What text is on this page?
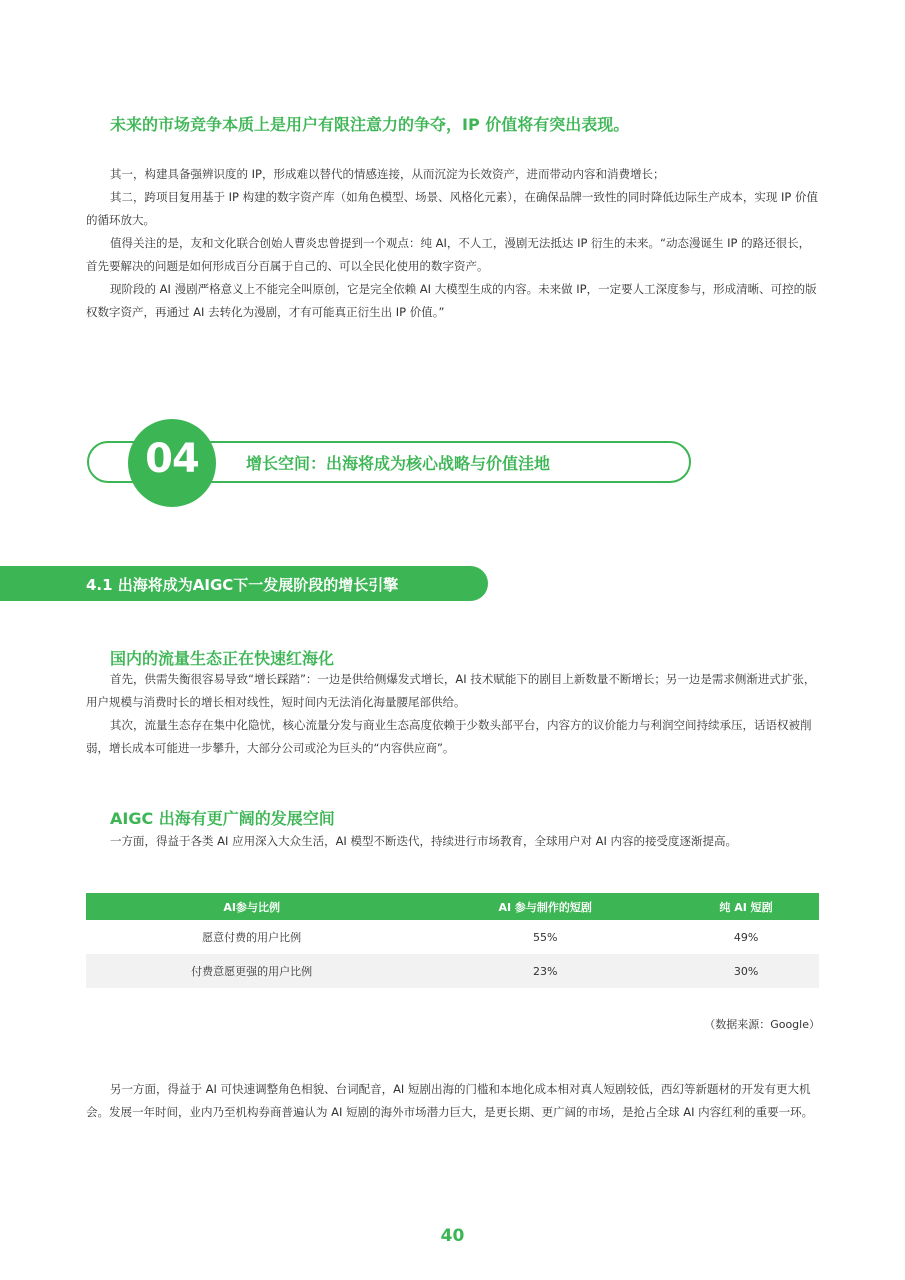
未来的市场竞争本质上是用户有限注意力的争夺，IP 价值将有突出表现。

其一，构建具备强辨识度的 IP，形成难以替代的情感连接，从而沉淀为长效资产，进而带动内容和消费增长；

其二，跨项目复用基于 IP 构建的数字资产库（如角色模型、场景、风格化元素），在确保品牌一致性的同时降低边际生产成本，实现 IP 价值的循环放大。

值得关注的是，友和文化联合创始人曹炎忠曾提到一个观点：纯 AI，不人工，漫剧无法抵达 IP 衍生的未来。“动态漫诞生 IP 的路还很长，首先要解决的问题是如何形成百分百属于自己的、可以全民化使用的数字资产。

现阶段的 AI 漫剧严格意义上不能完全叫原创，它是完全依赖 AI 大模型生成的内容。未来做 IP，一定要人工深度参与，形成清晰、可控的版权数字资产，再通过 AI 去转化为漫剧，才有可能真正衍生出 IP 价值。”

04	增长空间：出海将成为核心战略与价值洼地
4.1 出海将成为AIGC下一发展阶段的增长引擎
国内的流量生态正在快速红海化

首先，供需失衡很容易导致“增长踩踏”：一边是供给侧爆发式增长，AI 技术赋能下的剧目上新数量不断增长；另一边是需求侧渐进式扩张，用户规模与消费时长的增长相对线性，短时间内无法消化海量腰尾部供给。

其次，流量生态存在集中化隐忧，核心流量分发与商业生态高度依赖于少数头部平台，内容方的议价能力与利润空间持续承压，话语权被削弱，增长成本可能进一步攀升，大部分公司或沦为巨头的“内容供应商”。

AIGC 出海有更广阔的发展空间

一方面，得益于各类 AI 应用深入大众生活，AI 模型不断迭代，持续进行市场教育，全球用户对 AI 内容的接受度逐渐提高。

AI参与比例	AI 参与制作的短剧	纯 AI 短剧
愿意付费的用户比例	55%	49%
付费意愿更强的用户比例	23%	30%
（数据来源：Google）

另一方面，得益于 AI 可快速调整角色相貌、台词配音，AI 短剧出海的门槛和本地化成本相对真人短剧较低，西幻等新题材的开发有更大机会。发展一年时间，业内乃至机构券商普遍认为 AI 短剧的海外市场潜力巨大，是更长期、更广阔的市场，是抢占全球 AI 内容红利的重要一环。

40
